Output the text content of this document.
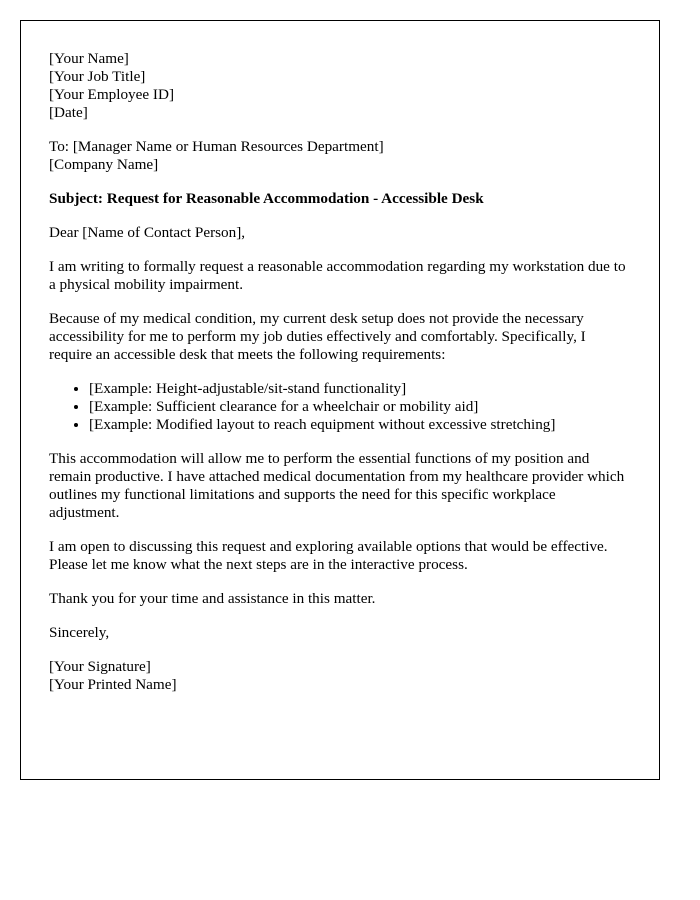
[Your Name]
[Your Job Title]
[Your Employee ID]
[Date]
To: [Manager Name or Human Resources Department]
[Company Name]

Subject: Request for Reasonable Accommodation - Accessible Desk

Dear [Name of Contact Person],

I am writing to formally request a reasonable accommodation regarding my workstation due to a physical mobility impairment.

Because of my medical condition, my current desk setup does not provide the necessary accessibility for me to perform my job duties effectively and comfortably. Specifically, I require an accessible desk that meets the following requirements:

• [Example: Height-adjustable/sit-stand functionality]
• [Example: Sufficient clearance for a wheelchair or mobility aid]
• [Example: Modified layout to reach equipment without excessive stretching]

This accommodation will allow me to perform the essential functions of my position and remain productive. I have attached medical documentation from my healthcare provider which outlines my functional limitations and supports the need for this specific workplace adjustment.

I am open to discussing this request and exploring available options that would be effective. Please let me know what the next steps are in the interactive process.

Thank you for your time and assistance in this matter.

Sincerely,

[Your Signature]
[Your Printed Name]
